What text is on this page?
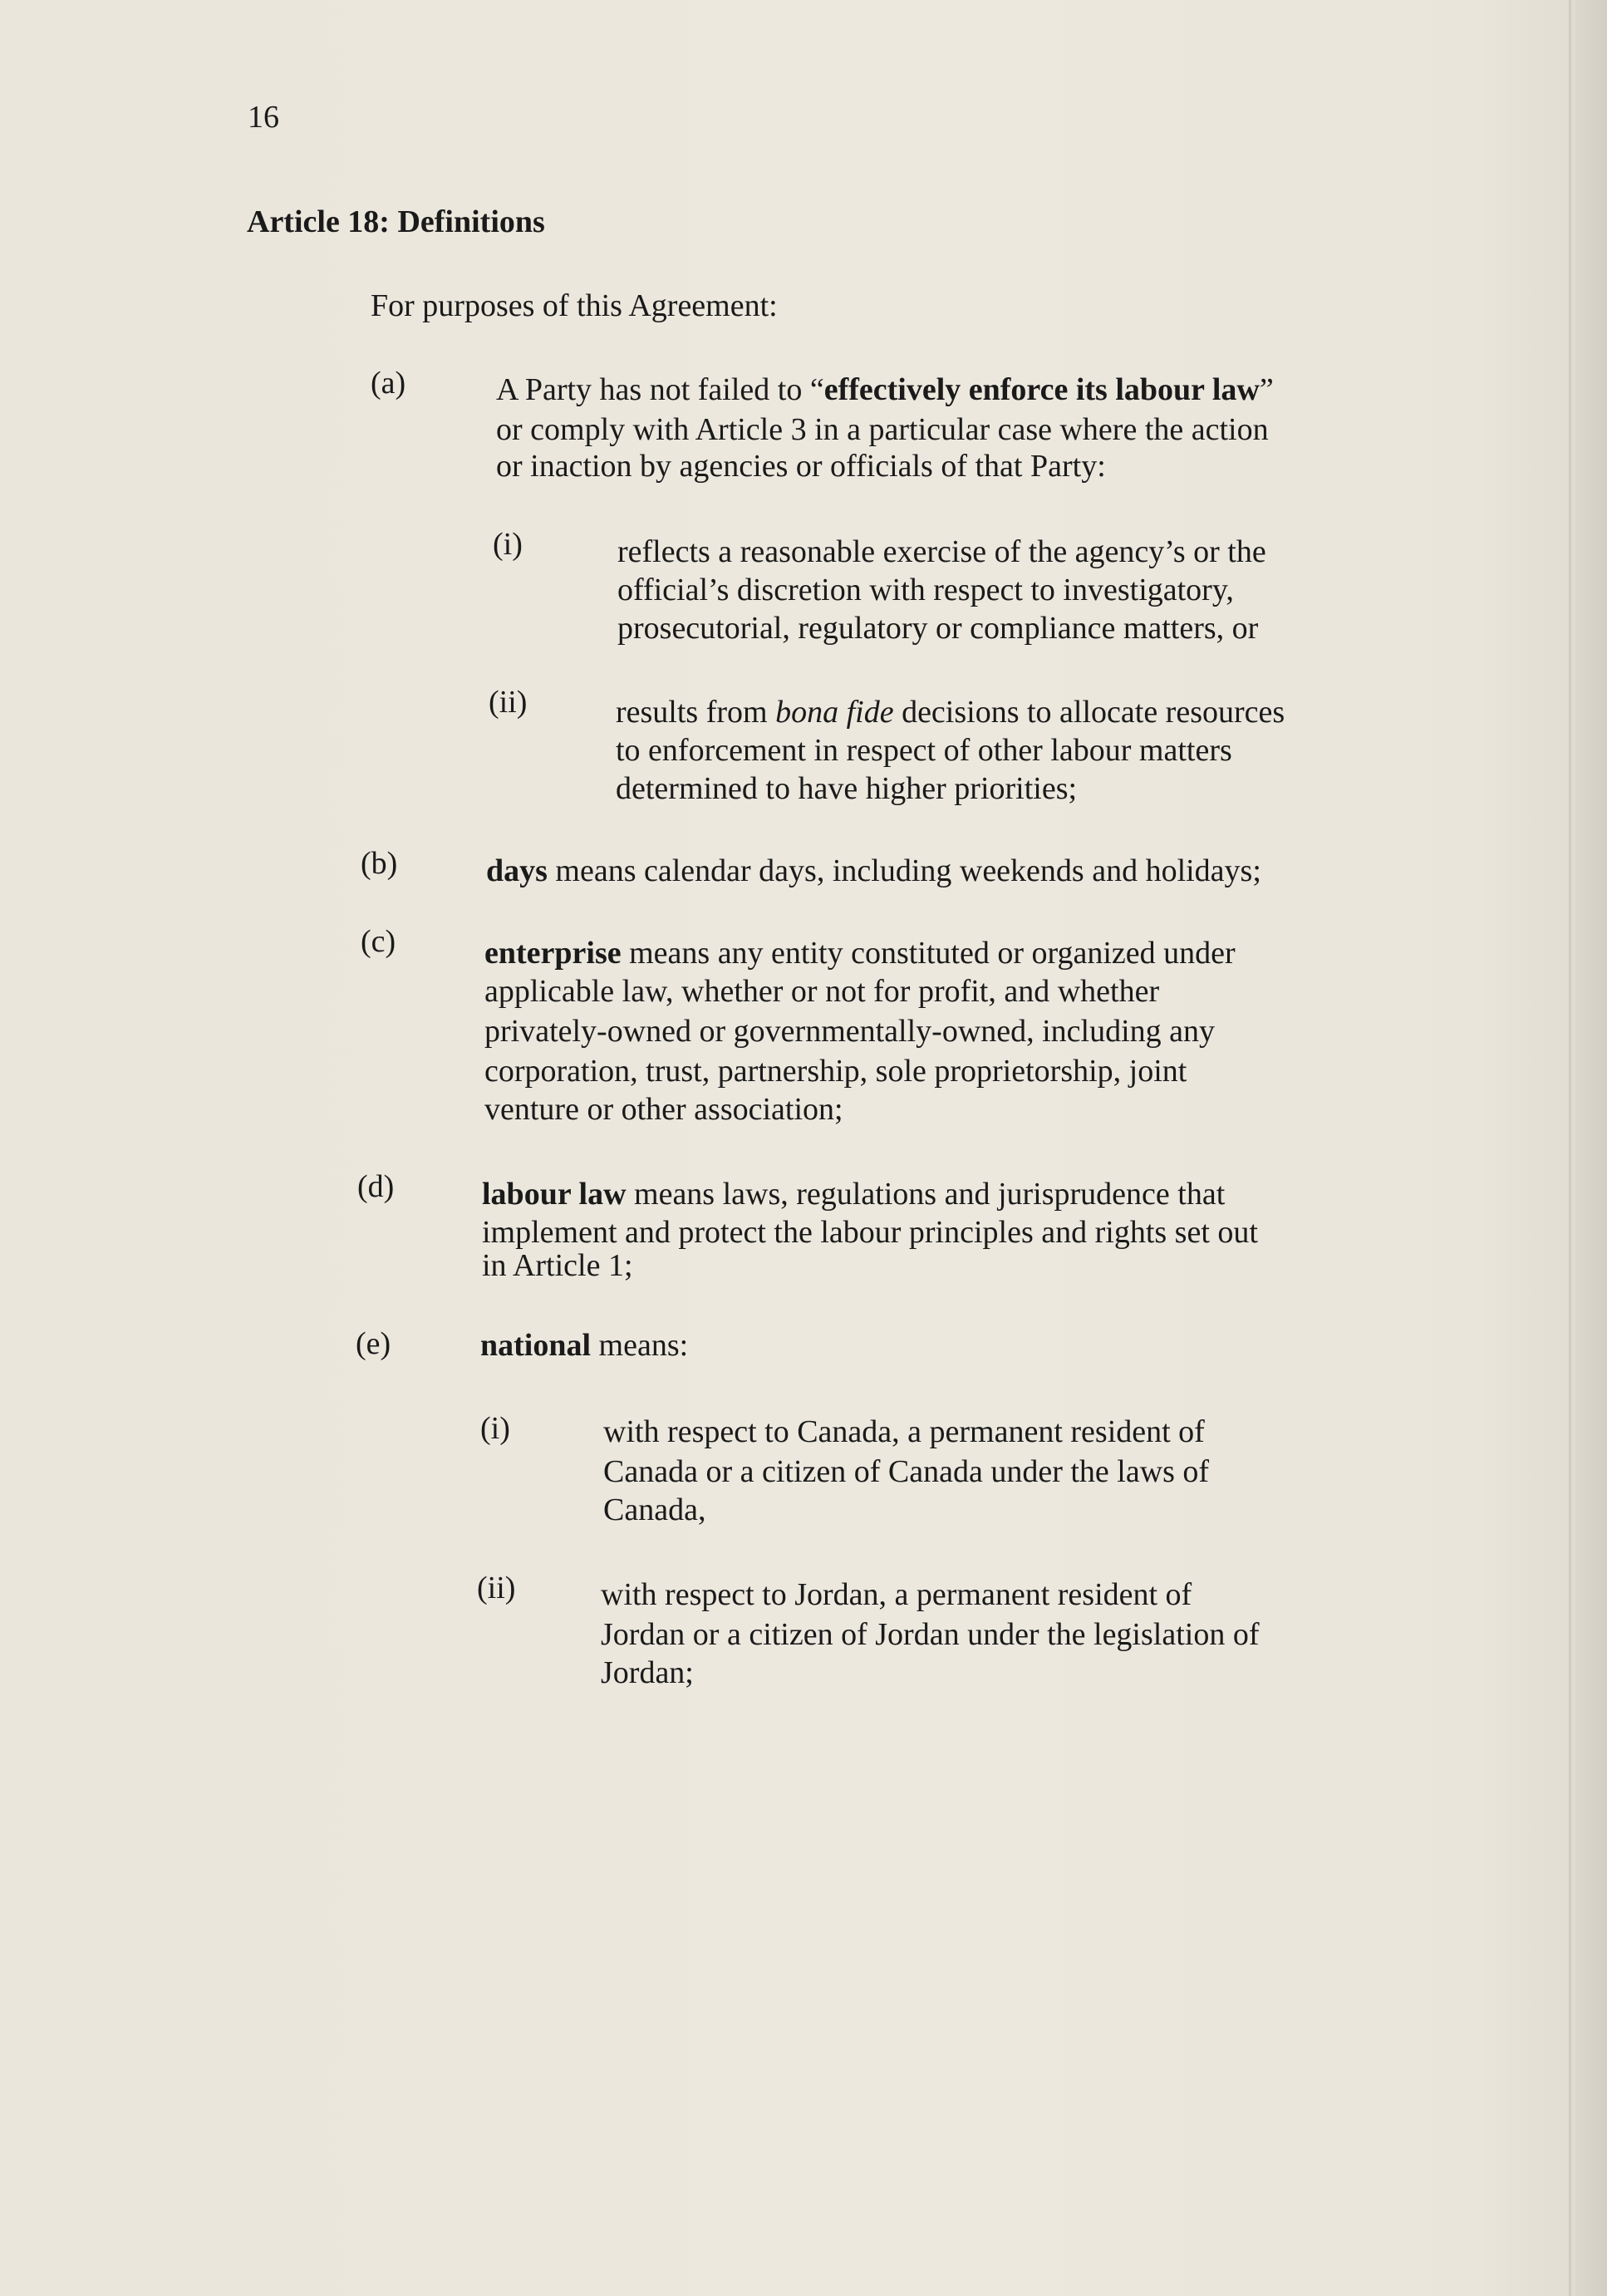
16
Article 18: Definitions
For purposes of this Agreement:
(a)	A Party has not failed to “effectively enforce its labour law”
or comply with Article 3 in a particular case where the action
or inaction by agencies or officials of that Party:
(i)	reflects a reasonable exercise of the agency’s or the
official’s discretion with respect to investigatory,
prosecutorial, regulatory or compliance matters, or
(ii)	results from bona fide decisions to allocate resources
to enforcement in respect of other labour matters
determined to have higher priorities;
(b)	days means calendar days, including weekends and holidays;
(c)	enterprise means any entity constituted or organized under
applicable law, whether or not for profit, and whether
privately-owned or governmentally-owned, including any
corporation, trust, partnership, sole proprietorship, joint
venture or other association;
(d)	labour law means laws, regulations and jurisprudence that
implement and protect the labour principles and rights set out
in Article 1;
(e)	national means:
(i)	with respect to Canada, a permanent resident of
Canada or a citizen of Canada under the laws of
Canada,
(ii)	with respect to Jordan, a permanent resident of
Jordan or a citizen of Jordan under the legislation of
Jordan;
